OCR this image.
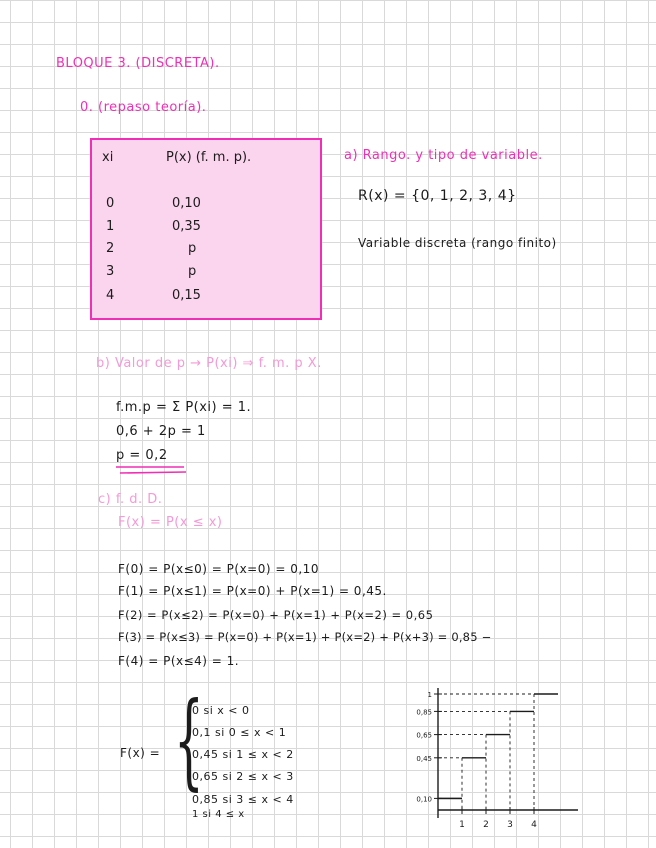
BLOQUE 3. (DISCRETA).
0. (repaso teoría).
xi	P(x) (f. m. p).
0	0,10
1	0,35
2	p
3	p
4	0,15
a) Rango. y tipo de variable.
R(x) = {0, 1, 2, 3, 4}
Variable discreta (rango finito)
b) Valor de p → P(xi) ⇒ f. m. p X.
f.m.p = Σ P(xi) = 1.
0,6 + 2p = 1
p = 0,2
c) f. d. D.
F(x) = P(x ≤ x)
F(0) = P(x≤0) = P(x=0) = 0,10
F(1) = P(x≤1) = P(x=0) + P(x=1) = 0,45.
F(2) = P(x≤2) = P(x=0) + P(x=1) + P(x=2) = 0,65
F(3) = P(x≤3) = P(x=0) + P(x=1) + P(x=2) + P(x+3) = 0,85 −
F(4) = P(x≤4) = 1.
F(x) = {
0 si x < 0
0,1 si 0 ≤ x < 1
0,45 si 1 ≤ x < 2
0,65 si 2 ≤ x < 3
0,85 si 3 ≤ x < 4
1 si 4 ≤ x
0,10
0,45
0,65
0,85
1
1 2 3 4
